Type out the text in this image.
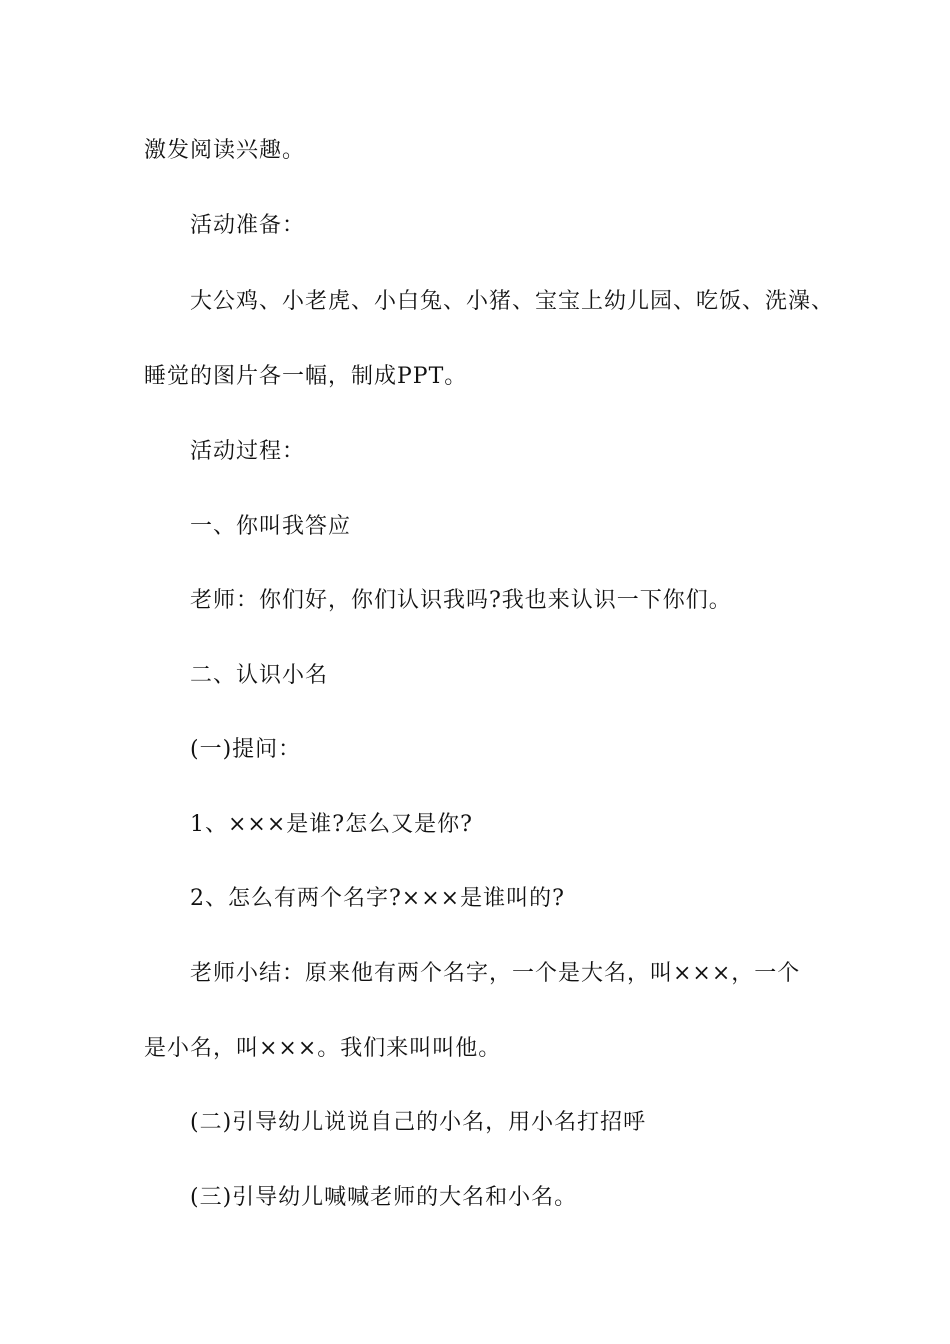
激发阅读兴趣。
活动准备：
大公鸡、小老虎、小白兔、小猪、宝宝上幼儿园、吃饭、洗澡、
睡觉的图片各一幅，制成PPT。
活动过程：
一、你叫我答应
老师：你们好，你们认识我吗?我也来认识一下你们。
二、认识小名
(一)提问：
1、×××是谁?怎么又是你?
2、怎么有两个名字?×××是谁叫的?
老师小结：原来他有两个名字，一个是大名，叫×××，一个
是小名，叫×××。我们来叫叫他。
(二)引导幼儿说说自己的小名，用小名打招呼
(三)引导幼儿喊喊老师的大名和小名。
